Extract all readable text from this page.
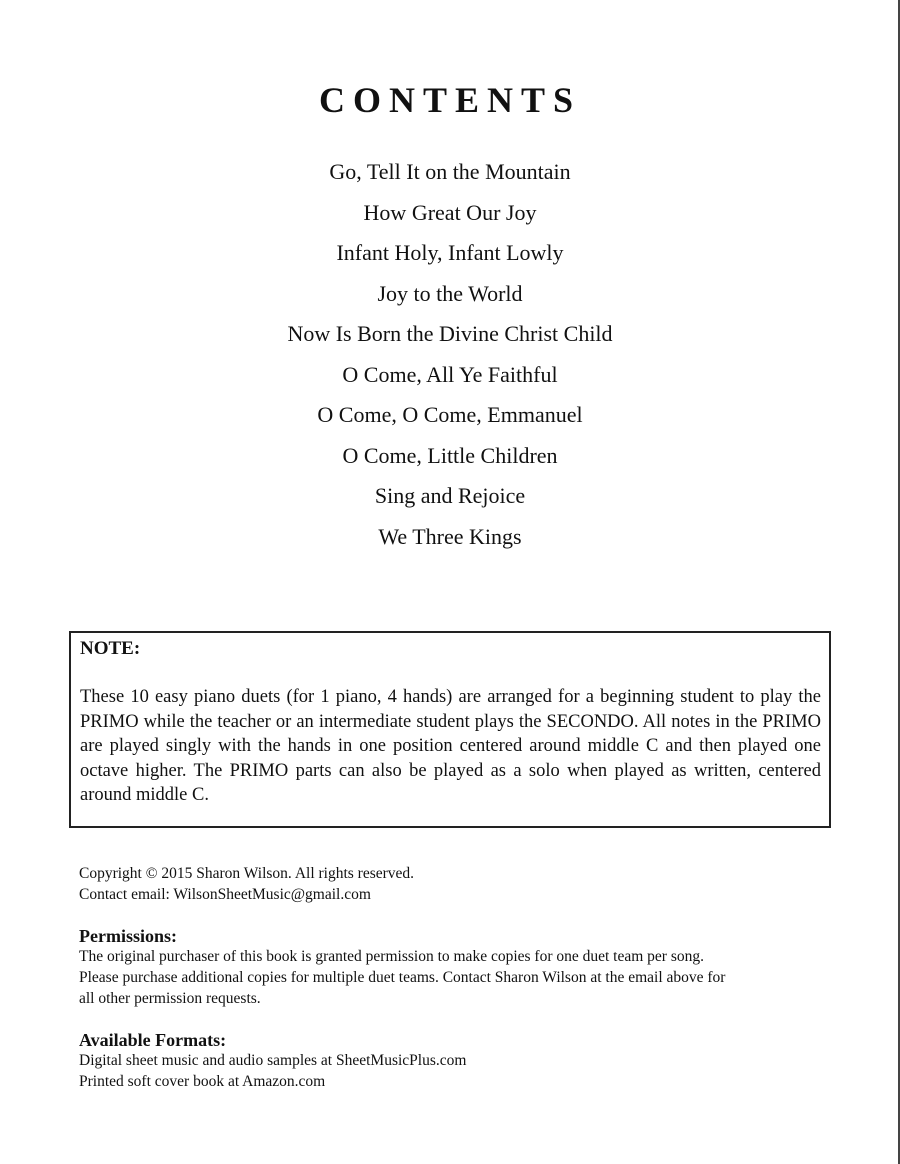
CONTENTS
Go, Tell It on the Mountain
How Great Our Joy
Infant Holy, Infant Lowly
Joy to the World
Now Is Born the Divine Christ Child
O Come, All Ye Faithful
O Come, O Come, Emmanuel
O Come, Little Children
Sing and Rejoice
We Three Kings

NOTE:

These 10 easy piano duets (for 1 piano, 4 hands) are arranged for a beginning student to play the PRIMO while the teacher or an intermediate student plays the SECONDO. All notes in the PRIMO are played singly with the hands in one position centered around middle C and then played one octave higher. The PRIMO parts can also be played as a solo when played as written, centered around middle C.

Copyright © 2015 Sharon Wilson. All rights reserved.

Contact email: WilsonSheetMusic@gmail.com

Permissions:

The original purchaser of this book is granted permission to make copies for one duet team per song.

Please purchase additional copies for multiple duet teams. Contact Sharon Wilson at the email above for

all other permission requests.

Available Formats:

Digital sheet music and audio samples at SheetMusicPlus.com

Printed soft cover book at Amazon.com
